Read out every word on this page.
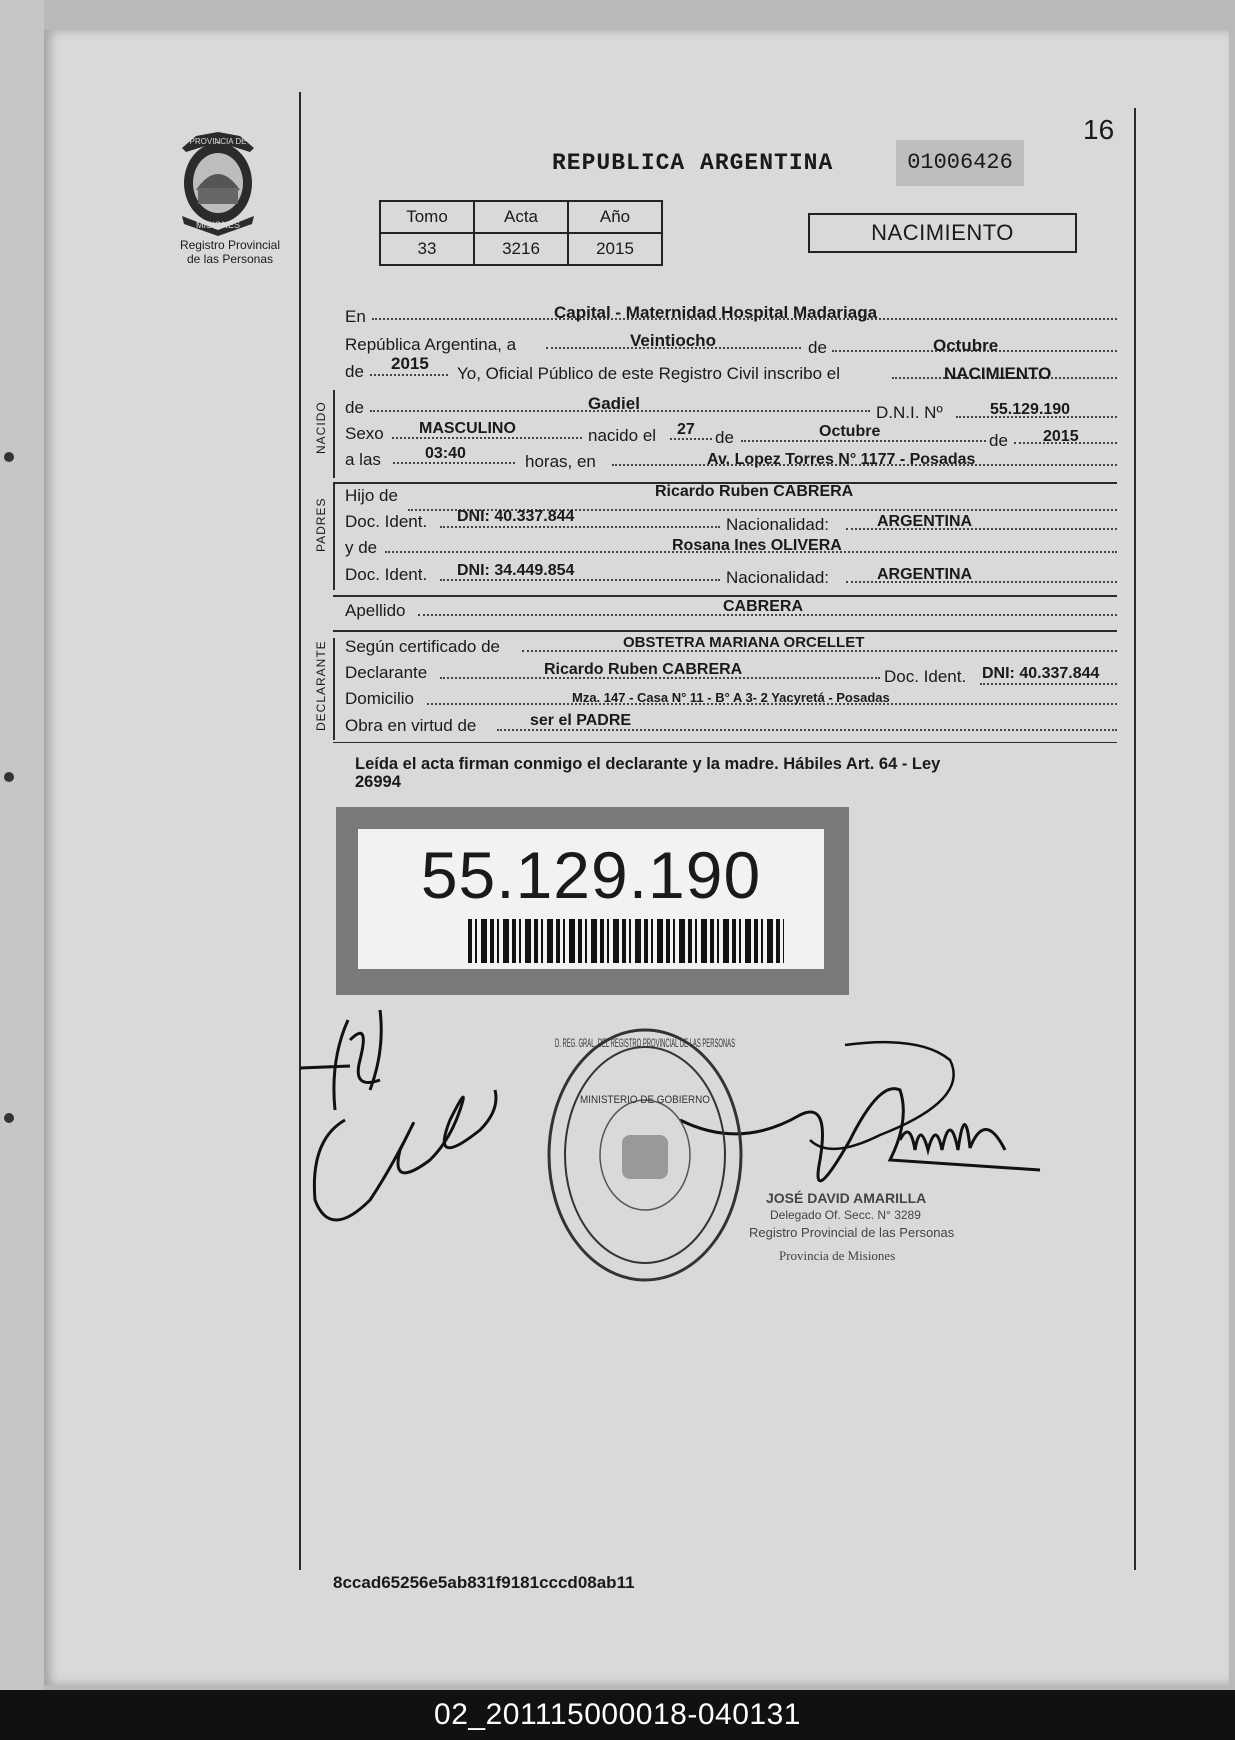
PROVINCIA DE
MISIONES
Registro Provincial
de las Personas
REPUBLICA ARGENTINA	01006426
16
Tomo	Acta	Año
33	3216	2015
NACIMIENTO
En	Capital - Maternidad Hospital Madariaga
República Argentina, a	Veintiocho	de	Octubre
de 2015
Yo, Oficial Público de este Registro Civil inscribo el	NACIMIENTO
NACIDO de	Gadiel	D.N.I. Nº	55.129.190
Sexo MASCULINO	nacido el 27 de	Octubre	de 2015
a las	03:40	horas, en	Av. Lopez Torres N° 1177 - Posadas
PADRES
Hijo de	Ricardo Ruben CABRERA
Doc. Ident. DNI: 40.337.844	Nacionalidad:	ARGENTINA
y de	Rosana Ines OLIVERA
Doc. Ident. DNI: 34.449.854	Nacionalidad:	ARGENTINA
Apellido	CABRERA
DECLARANTE Según certificado de	OBSTETRA MARIANA ORCELLET
Declarante	Ricardo Ruben CABRERA	Doc. Ident. DNI: 40.337.844
Domicilio	Mza. 147 - Casa N° 11 - B° A 3- 2 Yacyretá - Posadas
Obra en virtud de	ser el PADRE
Leída el acta firman conmigo el declarante y la madre. Hábiles Art. 64 - Ley
26994
55.129.190
D. REG. GRAL. DEL REGISTRO PROVINCIAL DE LAS PERSONAS
MINISTERIO DE GOBIERNO
JOSÉ DAVID AMARILLA
Delegado Of. Secc. N° 3289
Registro Provincial de las Personas
Provincia de Misiones
8ccad65256e5ab831f9181cccd08ab11
02_201115000018-040131
